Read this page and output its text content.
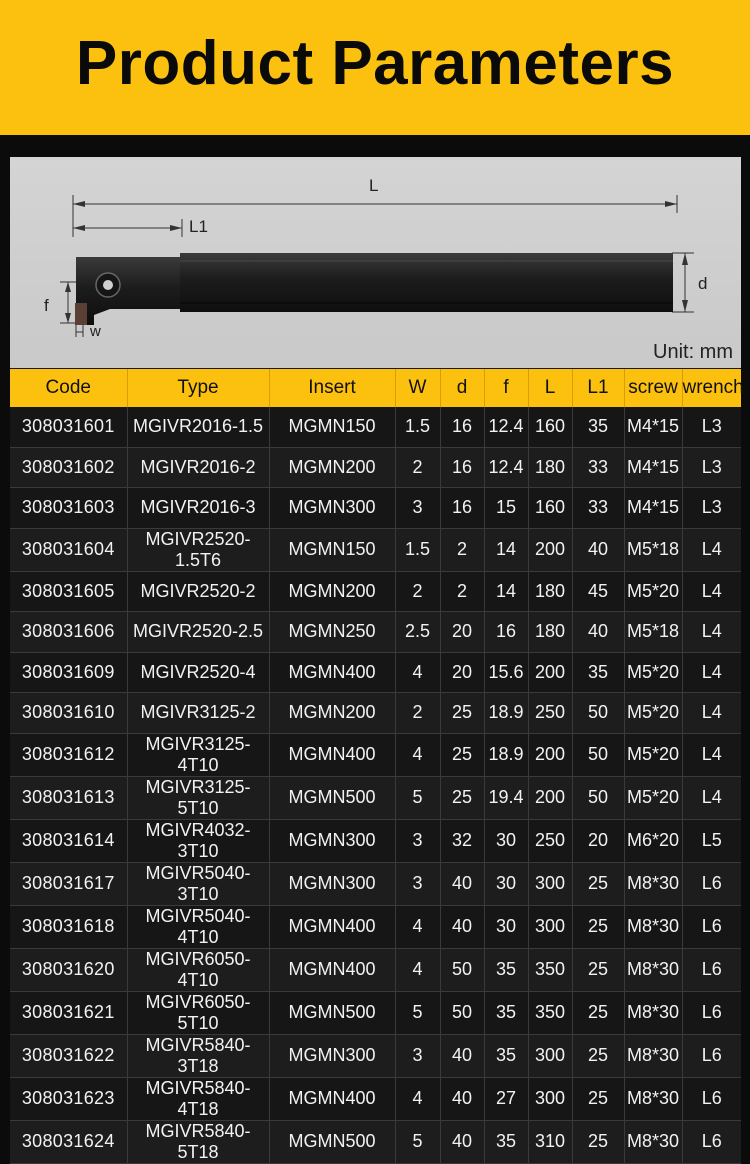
Product Parameters
L
L1
d
f
w
Unit: mm
Code	Type	Insert	W	d	f	L	L1	screw	wrench
308031601	MGIVR2016-1.5	MGMN150	1.5	16	12.4	160	35	M4*15	L3
308031602	MGIVR2016-2	MGMN200	2	16	12.4	180	33	M4*15	L3
308031603	MGIVR2016-3	MGMN300	3	16	15	160	33	M4*15	L3
308031604	MGIVR2520-1.5T6	MGMN150	1.5	2	14	200	40	M5*18	L4
308031605	MGIVR2520-2	MGMN200	2	2	14	180	45	M5*20	L4
308031606	MGIVR2520-2.5	MGMN250	2.5	20	16	180	40	M5*18	L4
308031609	MGIVR2520-4	MGMN400	4	20	15.6	200	35	M5*20	L4
308031610	MGIVR3125-2	MGMN200	2	25	18.9	250	50	M5*20	L4
308031612	MGIVR3125-4T10	MGMN400	4	25	18.9	200	50	M5*20	L4
308031613	MGIVR3125-5T10	MGMN500	5	25	19.4	200	50	M5*20	L4
308031614	MGIVR4032-3T10	MGMN300	3	32	30	250	20	M6*20	L5
308031617	MGIVR5040-3T10	MGMN300	3	40	30	300	25	M8*30	L6
308031618	MGIVR5040-4T10	MGMN400	4	40	30	300	25	M8*30	L6
308031620	MGIVR6050-4T10	MGMN400	4	50	35	350	25	M8*30	L6
308031621	MGIVR6050-5T10	MGMN500	5	50	35	350	25	M8*30	L6
308031622	MGIVR5840-3T18	MGMN300	3	40	35	300	25	M8*30	L6
308031623	MGIVR5840-4T18	MGMN400	4	40	27	300	25	M8*30	L6
308031624	MGIVR5840-5T18	MGMN500	5	40	35	310	25	M8*30	L6
